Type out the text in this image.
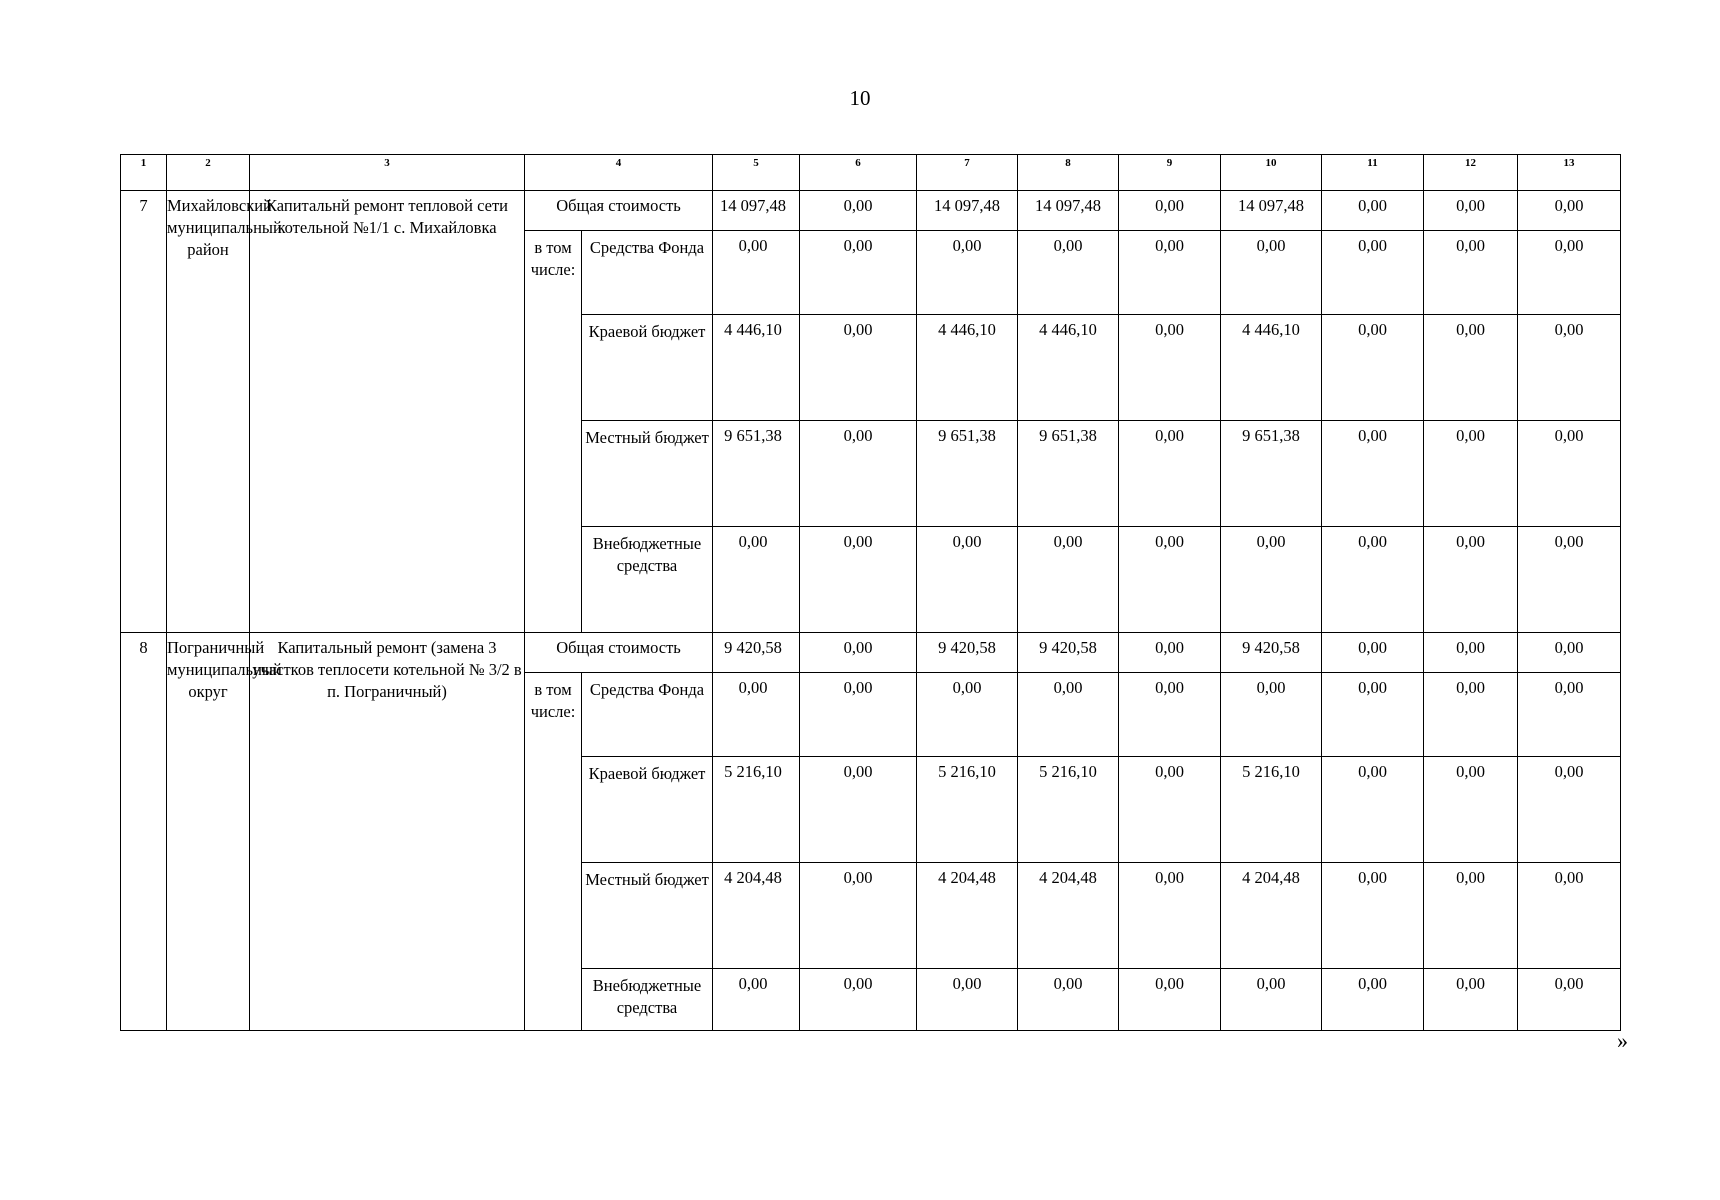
10
1	2	3	4		5	6	7	8	9	10	11	12	13
7	Михайловский муниципальный район	Капитальнй ремонт тепловой сети котельной №1/1 с. Михайловка	Общая стоимость		14 097,48	0,00	14 097,48	14 097,48	0,00	14 097,48	0,00	0,00	0,00
			в том числе:	Средства Фонда	0,00	0,00	0,00	0,00	0,00	0,00	0,00	0,00	0,00
				Краевой бюджет	4 446,10	0,00	4 446,10	4 446,10	0,00	4 446,10	0,00	0,00	0,00
				Местный бюджет	9 651,38	0,00	9 651,38	9 651,38	0,00	9 651,38	0,00	0,00	0,00
				Внебюджетные средства	0,00	0,00	0,00	0,00	0,00	0,00	0,00	0,00	0,00
8	Пограничный муниципальный округ	Капитальный ремонт (замена 3 участков теплосети котельной № 3/2 в п. Пограничный)	Общая стоимость		9 420,58	0,00	9 420,58	9 420,58	0,00	9 420,58	0,00	0,00	0,00
			в том числе:	Средства Фонда	0,00	0,00	0,00	0,00	0,00	0,00	0,00	0,00	0,00
				Краевой бюджет	5 216,10	0,00	5 216,10	5 216,10	0,00	5 216,10	0,00	0,00	0,00
				Местный бюджет	4 204,48	0,00	4 204,48	4 204,48	0,00	4 204,48	0,00	0,00	0,00
				Внебюджетные средства	0,00	0,00	0,00	0,00	0,00	0,00	0,00	0,00	0,00
»
